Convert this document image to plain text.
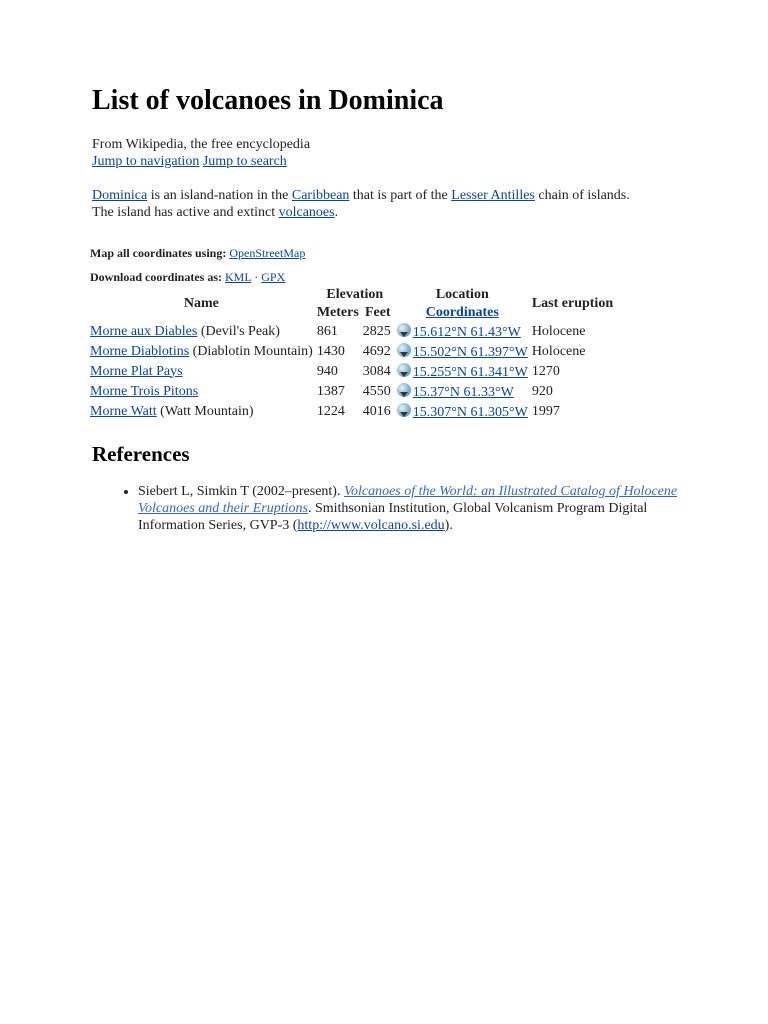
List of volcanoes in Dominica

From Wikipedia, the free encyclopedia

Jump to navigation Jump to search

Dominica is an island-nation in the Caribbean that is part of the Lesser Antilles chain of islands. The island has active and extinct volcanoes.

Map all coordinates using: OpenStreetMap

Download coordinates as: KML · GPX

Name	Elevation		Location	Last eruption
	Meters	Feet	Coordinates	
Morne aux Diables (Devil's Peak)	861	2825	15.612°N 61.43°W	Holocene
Morne Diablotins (Diablotin Mountain)	1430	4692	15.502°N 61.397°W	Holocene
Morne Plat Pays	940	3084	15.255°N 61.341°W	1270
Morne Trois Pitons	1387	4550	15.37°N 61.33°W	920
Morne Watt (Watt Mountain)	1224	4016	15.307°N 61.305°W	1997
References
• Siebert L, Simkin T (2002–present). Volcanoes of the World: an Illustrated Catalog of Holocene Volcanoes and their Eruptions. Smithsonian Institution, Global Volcanism Program Digital Information Series, GVP-3 (http://www.volcano.si.edu).
